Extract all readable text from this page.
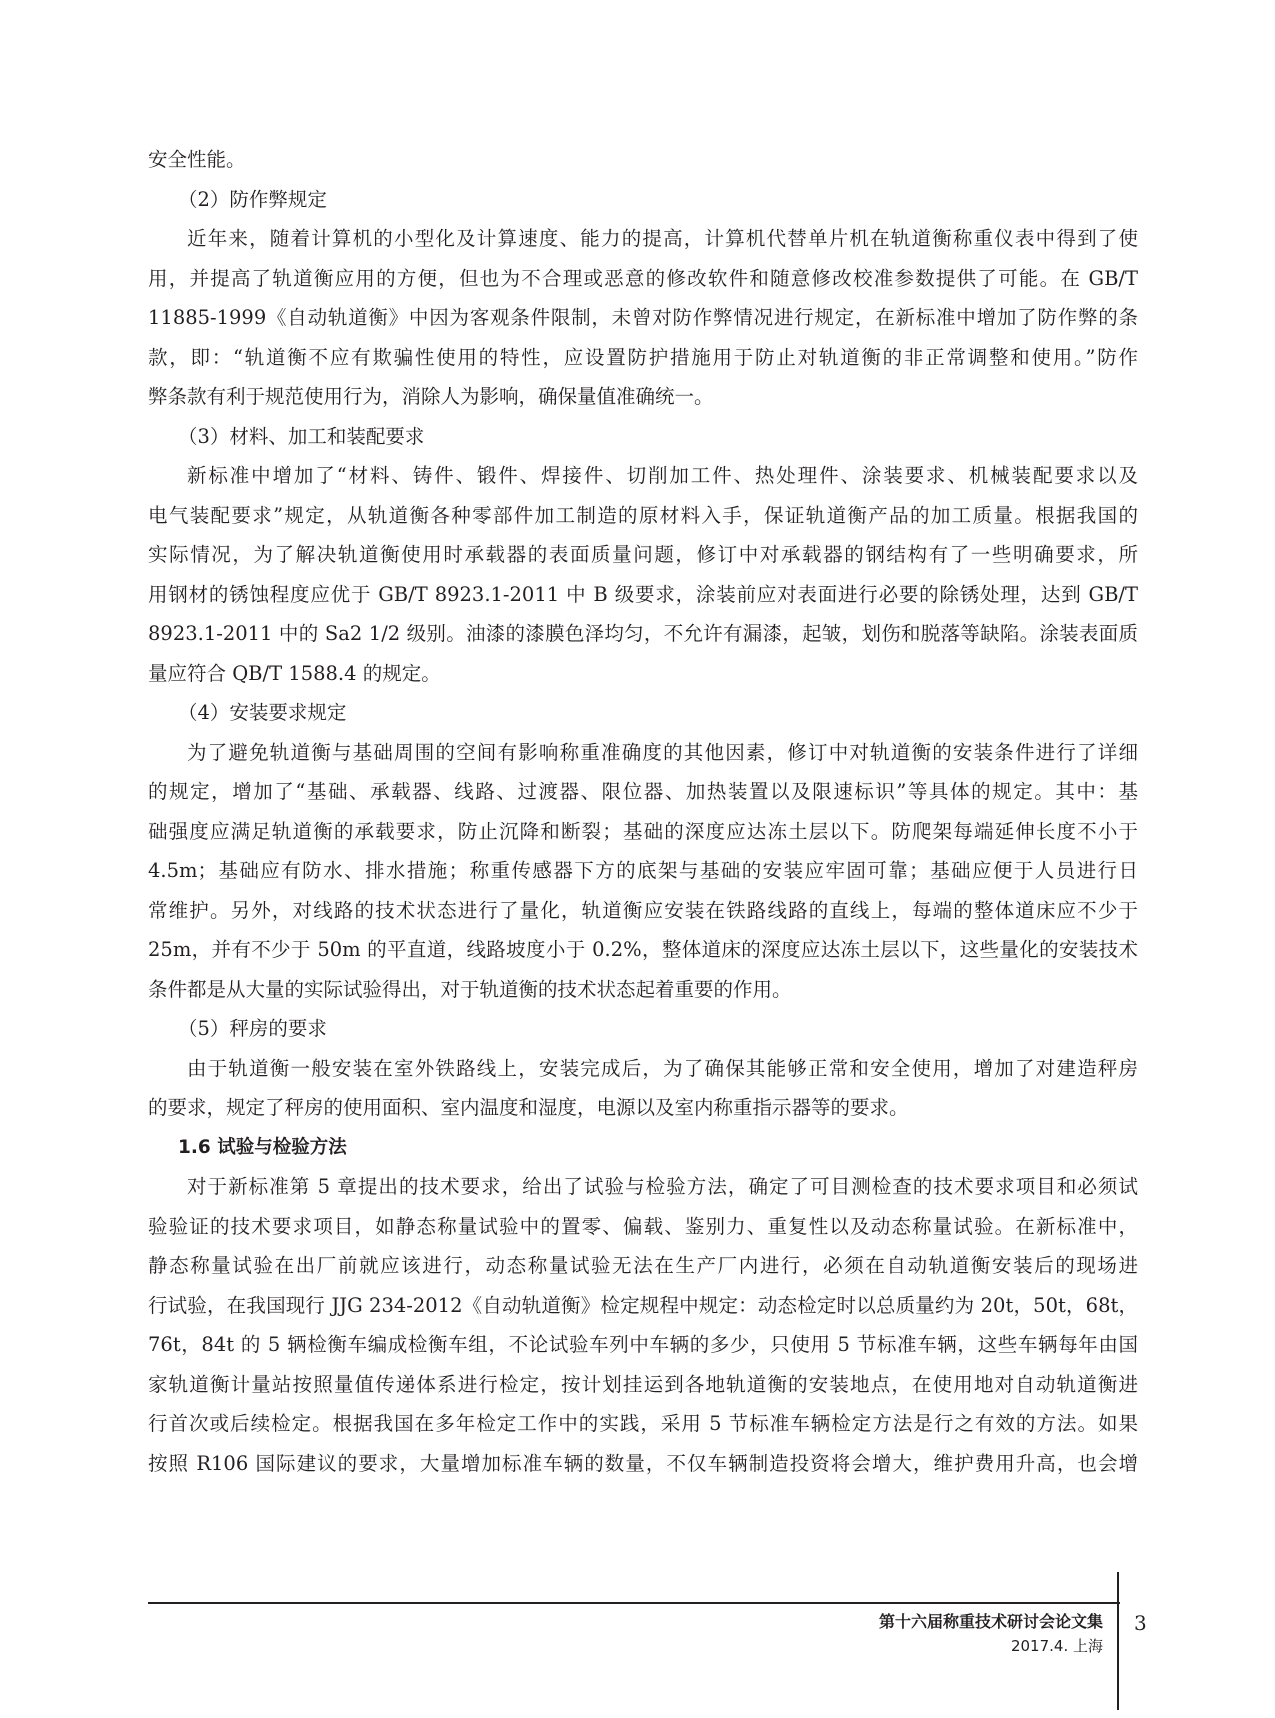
安全性能。
（2）防作弊规定
近年来，随着计算机的小型化及计算速度、能力的提高，计算机代替单片机在轨道衡称重仪表中得到了使
用，并提高了轨道衡应用的方便，但也为不合理或恶意的修改软件和随意修改校准参数提供了可能。在 GB/T
11885-1999《自动轨道衡》中因为客观条件限制，未曾对防作弊情况进行规定，在新标准中增加了防作弊的条
款，即：“轨道衡不应有欺骗性使用的特性，应设置防护措施用于防止对轨道衡的非正常调整和使用。”防作
弊条款有利于规范使用行为，消除人为影响，确保量值准确统一。
（3）材料、加工和装配要求
新标准中增加了“材料、铸件、锻件、焊接件、切削加工件、热处理件、涂装要求、机械装配要求以及
电气装配要求”规定，从轨道衡各种零部件加工制造的原材料入手，保证轨道衡产品的加工质量。根据我国的
实际情况，为了解决轨道衡使用时承载器的表面质量问题，修订中对承载器的钢结构有了一些明确要求，所
用钢材的锈蚀程度应优于 GB/T 8923.1-2011 中 B 级要求，涂装前应对表面进行必要的除锈处理，达到 GB/T
8923.1-2011 中的 Sa2 1/2 级别。油漆的漆膜色泽均匀，不允许有漏漆，起皱，划伤和脱落等缺陷。涂装表面质
量应符合 QB/T 1588.4 的规定。
（4）安装要求规定
为了避免轨道衡与基础周围的空间有影响称重准确度的其他因素，修订中对轨道衡的安装条件进行了详细
的规定，增加了“基础、承载器、线路、过渡器、限位器、加热装置以及限速标识”等具体的规定。其中：基
础强度应满足轨道衡的承载要求，防止沉降和断裂；基础的深度应达冻土层以下。防爬架每端延伸长度不小于
4.5m；基础应有防水、排水措施；称重传感器下方的底架与基础的安装应牢固可靠；基础应便于人员进行日
常维护。另外，对线路的技术状态进行了量化，轨道衡应安装在铁路线路的直线上，每端的整体道床应不少于
25m，并有不少于 50m 的平直道，线路坡度小于 0.2%，整体道床的深度应达冻土层以下，这些量化的安装技术
条件都是从大量的实际试验得出，对于轨道衡的技术状态起着重要的作用。
（5）秤房的要求
由于轨道衡一般安装在室外铁路线上，安装完成后，为了确保其能够正常和安全使用，增加了对建造秤房
的要求，规定了秤房的使用面积、室内温度和湿度，电源以及室内称重指示器等的要求。
1.6 试验与检验方法
对于新标准第 5 章提出的技术要求，给出了试验与检验方法，确定了可目测检查的技术要求项目和必须试
验验证的技术要求项目，如静态称量试验中的置零、偏载、鉴别力、重复性以及动态称量试验。在新标准中，
静态称量试验在出厂前就应该进行，动态称量试验无法在生产厂内进行，必须在自动轨道衡安装后的现场进
行试验，在我国现行 JJG 234-2012《自动轨道衡》检定规程中规定：动态检定时以总质量约为 20t，50t，68t，
76t，84t 的 5 辆检衡车编成检衡车组，不论试验车列中车辆的多少，只使用 5 节标准车辆，这些车辆每年由国
家轨道衡计量站按照量值传递体系进行检定，按计划挂运到各地轨道衡的安装地点，在使用地对自动轨道衡进
行首次或后续检定。根据我国在多年检定工作中的实践，采用 5 节标准车辆检定方法是行之有效的方法。如果
按照 R106 国际建议的要求，大量增加标准车辆的数量，不仅车辆制造投资将会增大，维护费用升高，也会增
第十六届称重技术研讨会论文集
2017.4. 上海
3
